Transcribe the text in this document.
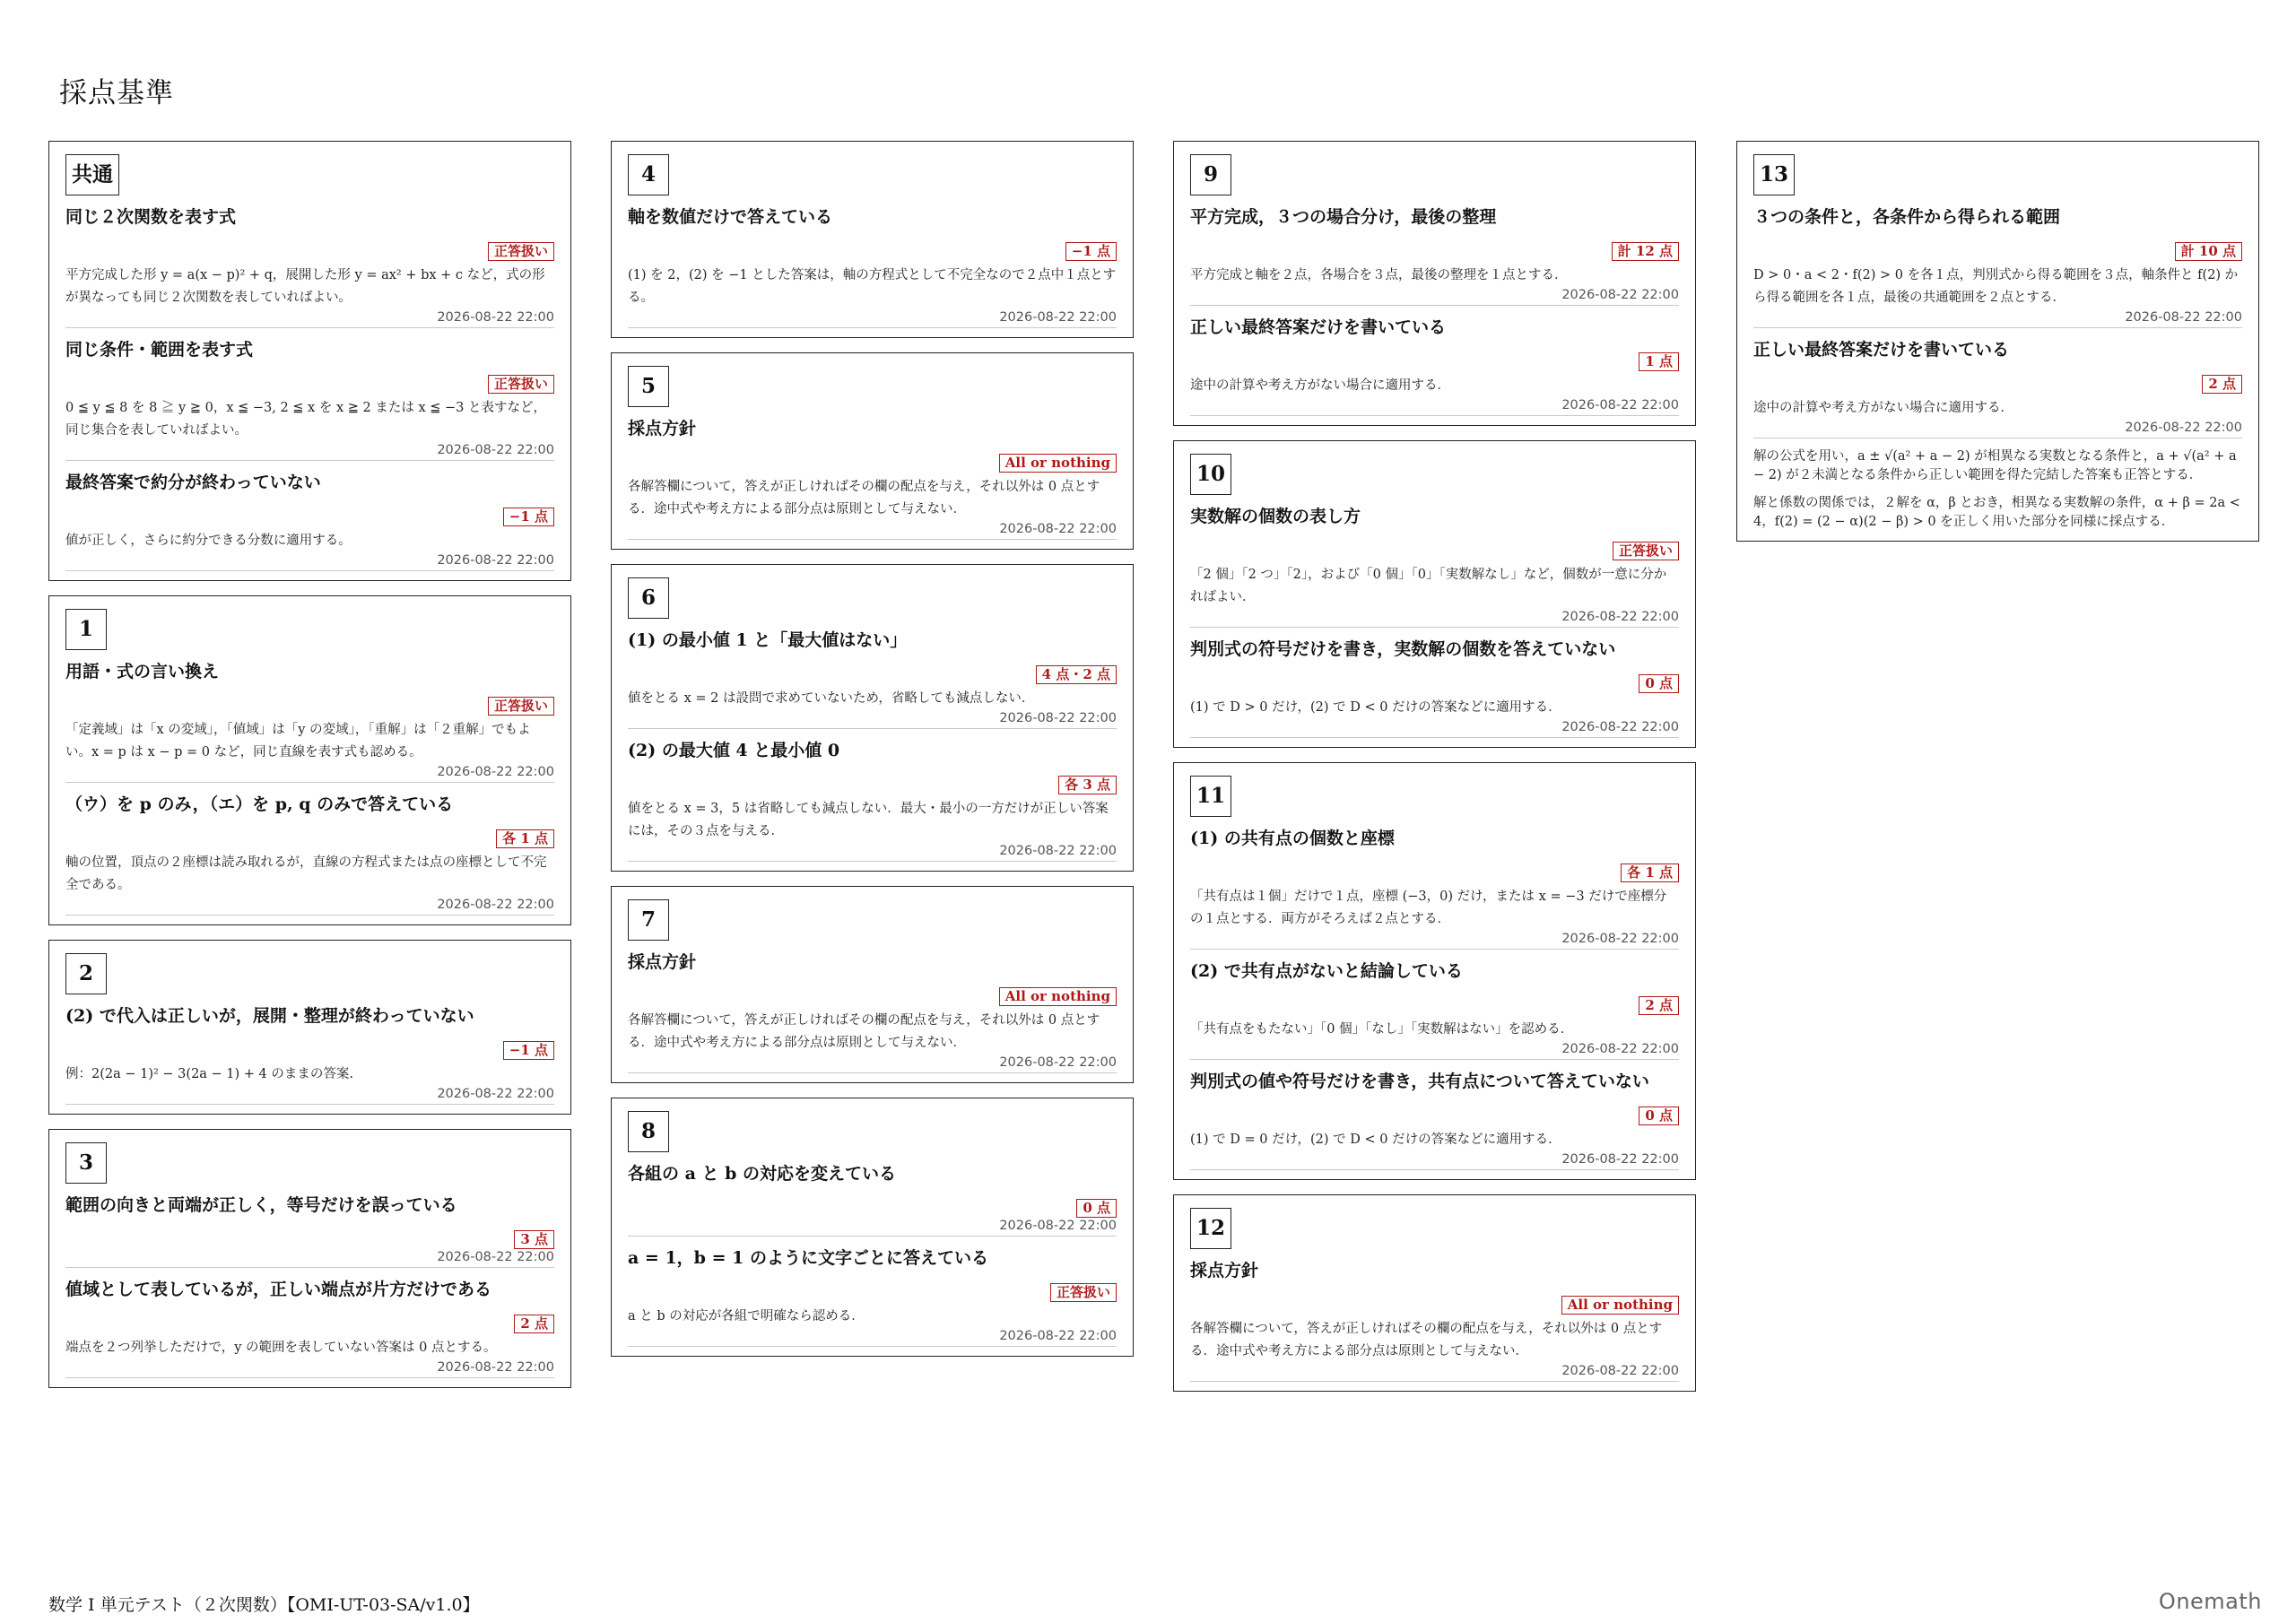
採点基準
共通
同じ２次関数を表す式
正答扱い
平方完成した形 y = a(x − p)² + q，展開した形 y = ax² + bx + c など，式の形が異なっても同じ２次関数を表していればよい。
2026-08-22 22:00
同じ条件・範囲を表す式
正答扱い
0 ≦ y ≦ 8 を 8 ≧ y ≧ 0，x ≦ −3, 2 ≦ x を x ≧ 2 または x ≦ −3 と表すなど，同じ集合を表していればよい。
2026-08-22 22:00
最終答案で約分が終わっていない
−1 点
値が正しく，さらに約分できる分数に適用する。
2026-08-22 22:00
1
用語・式の言い換え
正答扱い
「定義域」は「x の変域」，「値域」は「y の変域」，「重解」は「２重解」でもよい。x = p は x − p = 0 など，同じ直線を表す式も認める。
2026-08-22 22:00
（ウ）を p のみ，（エ）を p, q のみで答えている
各 1 点
軸の位置，頂点の２座標は読み取れるが，直線の方程式または点の座標として不完全である。
2026-08-22 22:00
2
(2) で代入は正しいが，展開・整理が終わっていない
−1 点
例：2(2a − 1)² − 3(2a − 1) + 4 のままの答案.
2026-08-22 22:00
3
範囲の向きと両端が正しく，等号だけを誤っている
3 点
2026-08-22 22:00
値域として表しているが，正しい端点が片方だけである
2 点
端点を２つ列挙しただけで，y の範囲を表していない答案は 0 点とする。
2026-08-22 22:00
4
軸を数値だけで答えている
−1 点
(1) を 2，(2) を −1 とした答案は，軸の方程式として不完全なので２点中１点とする。
2026-08-22 22:00
5
採点方針
All or nothing
各解答欄について，答えが正しければその欄の配点を与え，それ以外は 0 点とする．途中式や考え方による部分点は原則として与えない．
2026-08-22 22:00
6
(1) の最小値 1 と「最大値はない」
4 点・2 点
値をとる x = 2 は設問で求めていないため，省略しても減点しない．
2026-08-22 22:00
(2) の最大値 4 と最小値 0
各 3 点
値をとる x = 3，5 は省略しても減点しない．最大・最小の一方だけが正しい答案には，その３点を与える．
2026-08-22 22:00
7
採点方針
All or nothing
各解答欄について，答えが正しければその欄の配点を与え，それ以外は 0 点とする．途中式や考え方による部分点は原則として与えない．
2026-08-22 22:00
8
各組の a と b の対応を変えている
0 点
2026-08-22 22:00
a = 1，b = 1 のように文字ごとに答えている
正答扱い
a と b の対応が各組で明確なら認める．
2026-08-22 22:00
9
平方完成，３つの場合分け，最後の整理
計 12 点
平方完成と軸を２点，各場合を３点，最後の整理を１点とする．
2026-08-22 22:00
正しい最終答案だけを書いている
1 点
途中の計算や考え方がない場合に適用する．
2026-08-22 22:00
10
実数解の個数の表し方
正答扱い
「2 個」「2 つ」「2」，および「0 個」「0」「実数解なし」など，個数が一意に分かればよい．
2026-08-22 22:00
判別式の符号だけを書き，実数解の個数を答えていない
0 点
(1) で D > 0 だけ，(2) で D < 0 だけの答案などに適用する．
2026-08-22 22:00
11
(1) の共有点の個数と座標
各 1 点
「共有点は１個」だけで１点，座標 (−3，0) だけ，または x = −3 だけで座標分の１点とする．両方がそろえば２点とする．
2026-08-22 22:00
(2) で共有点がないと結論している
2 点
「共有点をもたない」「0 個」「なし」「実数解はない」を認める．
2026-08-22 22:00
判別式の値や符号だけを書き，共有点について答えていない
0 点
(1) で D = 0 だけ，(2) で D < 0 だけの答案などに適用する．
2026-08-22 22:00
12
採点方針
All or nothing
各解答欄について，答えが正しければその欄の配点を与え，それ以外は 0 点とする．途中式や考え方による部分点は原則として与えない．
2026-08-22 22:00
13
３つの条件と，各条件から得られる範囲
計 10 点
D > 0・a < 2・f(2) > 0 を各１点，判別式から得る範囲を３点，軸条件と f(2) から得る範囲を各１点，最後の共通範囲を２点とする．
2026-08-22 22:00
正しい最終答案だけを書いている
2 点
途中の計算や考え方がない場合に適用する．
2026-08-22 22:00
解の公式を用い，a ± √(a² + a − 2) が相異なる実数となる条件と，a + √(a² + a − 2) が２未満となる条件から正しい範囲を得た完結した答案も正答とする．
解と係数の関係では，２解を α，β とおき，相異なる実数解の条件，α + β = 2a < 4，f(2) = (2 − α)(2 − β) > 0 を正しく用いた部分を同様に採点する．
数学 I 単元テスト（２次関数）【OMI-UT-03-SA/v1.0】	Onemath
